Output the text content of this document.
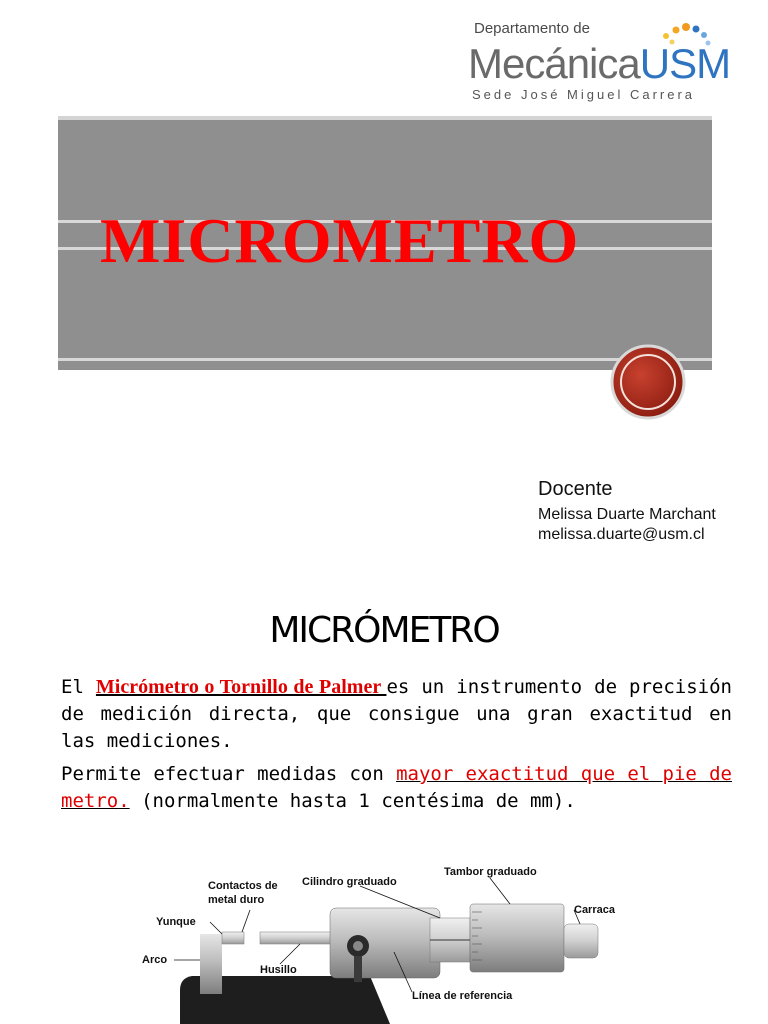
Departamento de
MecánicaUSM
Sede José Miguel Carrera
MICROMETRO
Docente
Melissa Duarte Marchant
melissa.duarte@usm.cl
MICRÓMETRO
El Micrómetro o Tornillo de Palmer es un instrumento de precisión de medición directa, que consigue una gran exactitud en las mediciones.
Permite efectuar medidas con mayor exactitud que el pie de metro. (normalmente hasta 1 centésima de mm).
Contactos de
metal duro
Yunque
Arco
Husillo
Cilindro graduado
Tambor graduado
Carraca
Línea de referencia
